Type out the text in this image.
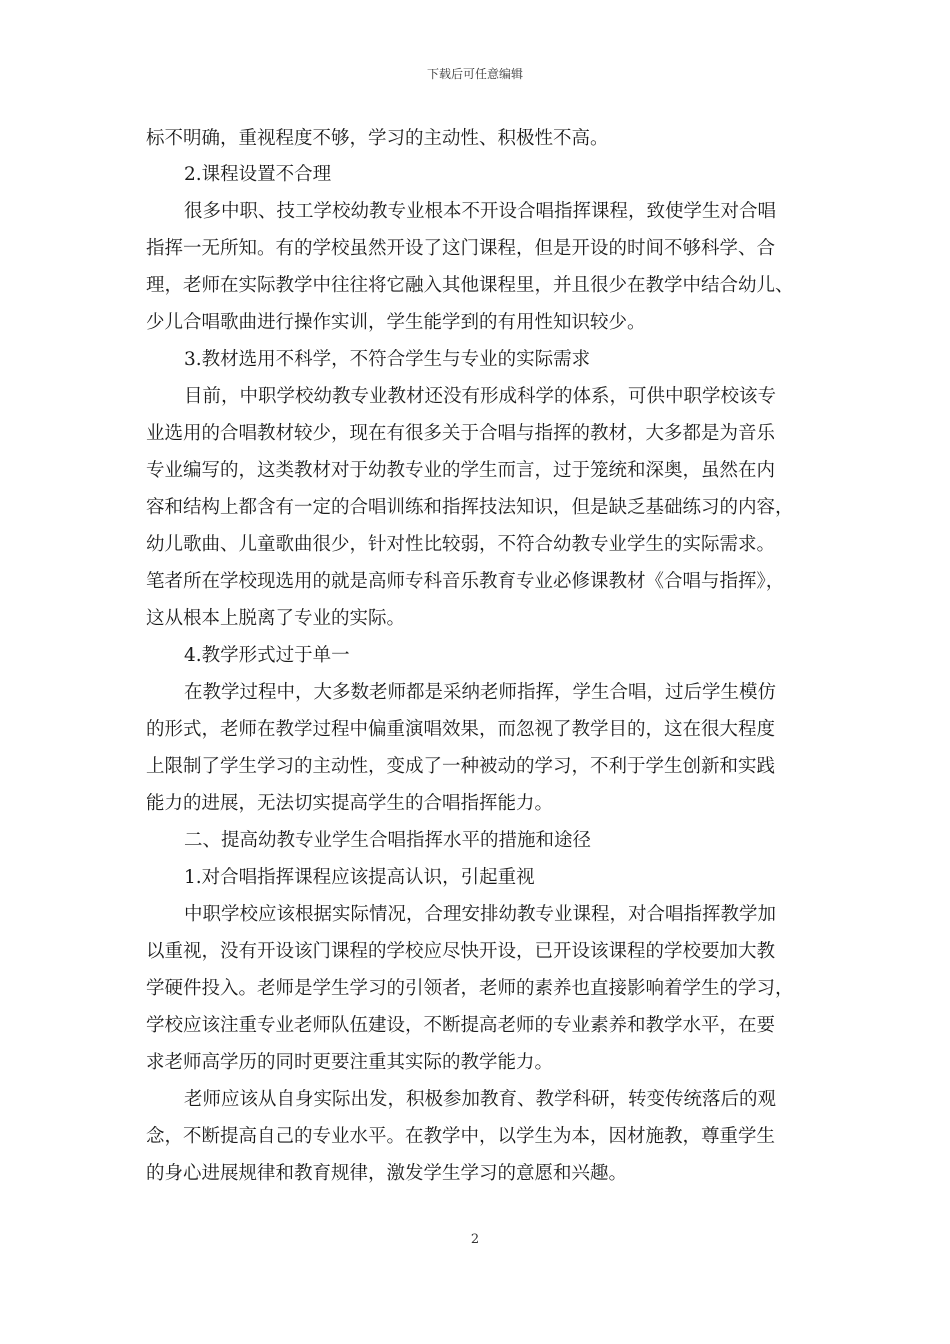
下载后可任意编辑
标不明确，重视程度不够，学习的主动性、积极性不高。
2.课程设置不合理
很多中职、技工学校幼教专业根本不开设合唱指挥课程，致使学生对合唱
指挥一无所知。有的学校虽然开设了这门课程，但是开设的时间不够科学、合
理，老师在实际教学中往往将它融入其他课程里，并且很少在教学中结合幼儿、
少儿合唱歌曲进行操作实训，学生能学到的有用性知识较少。
3.教材选用不科学，不符合学生与专业的实际需求
目前，中职学校幼教专业教材还没有形成科学的体系，可供中职学校该专
业选用的合唱教材较少，现在有很多关于合唱与指挥的教材，大多都是为音乐
专业编写的，这类教材对于幼教专业的学生而言，过于笼统和深奥，虽然在内
容和结构上都含有一定的合唱训练和指挥技法知识，但是缺乏基础练习的内容，
幼儿歌曲、儿童歌曲很少，针对性比较弱，不符合幼教专业学生的实际需求。
笔者所在学校现选用的就是高师专科音乐教育专业必修课教材《合唱与指挥》，
这从根本上脱离了专业的实际。
4.教学形式过于单一
在教学过程中，大多数老师都是采纳老师指挥，学生合唱，过后学生模仿
的形式，老师在教学过程中偏重演唱效果，而忽视了教学目的，这在很大程度
上限制了学生学习的主动性，变成了一种被动的学习，不利于学生创新和实践
能力的进展，无法切实提高学生的合唱指挥能力。
二、提高幼教专业学生合唱指挥水平的措施和途径
1.对合唱指挥课程应该提高认识，引起重视
中职学校应该根据实际情况，合理安排幼教专业课程，对合唱指挥教学加
以重视，没有开设该门课程的学校应尽快开设，已开设该课程的学校要加大教
学硬件投入。老师是学生学习的引领者，老师的素养也直接影响着学生的学习，
学校应该注重专业老师队伍建设，不断提高老师的专业素养和教学水平，在要
求老师高学历的同时更要注重其实际的教学能力。
老师应该从自身实际出发，积极参加教育、教学科研，转变传统落后的观
念，不断提高自己的专业水平。在教学中，以学生为本，因材施教，尊重学生
的身心进展规律和教育规律，激发学生学习的意愿和兴趣。
2
